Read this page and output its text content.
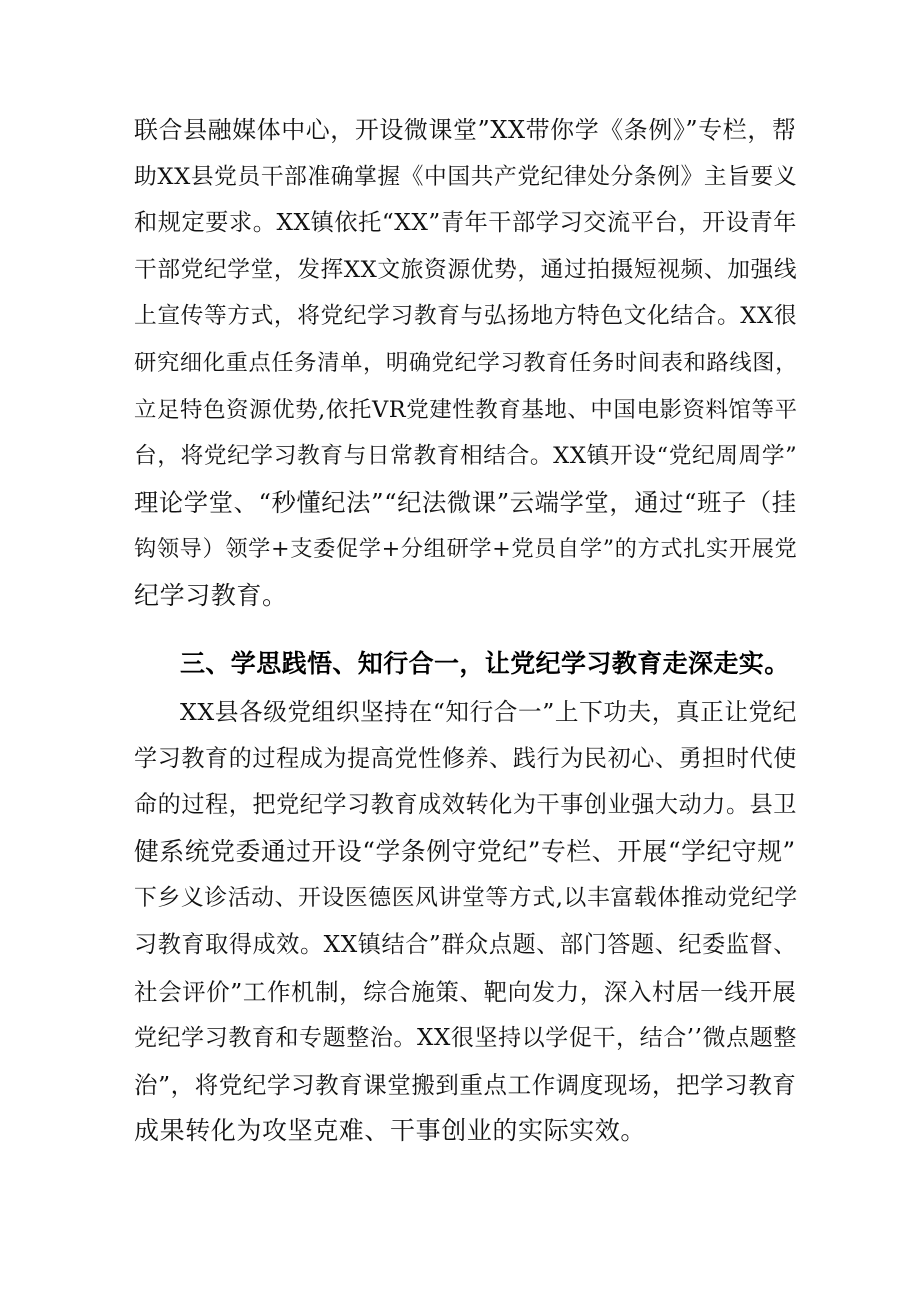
联合县融媒体中心，开设微课堂”XX带你学《条例》”专栏，帮
助XX县党员干部准确掌握《中国共产党纪律处分条例》主旨要义
和规定要求。XX镇依托“XX”青年干部学习交流平台，开设青年
干部党纪学堂，发挥XX文旅资源优势，通过拍摄短视频、加强线
上宣传等方式，将党纪学习教育与弘扬地方特色文化结合。XX很
研究细化重点任务清单，明确党纪学习教育任务时间表和路线图，
立足特色资源优势,依托VR党建性教育基地、中国电影资料馆等平
台，将党纪学习教育与日常教育相结合。XX镇开设“党纪周周学”
理论学堂、“秒懂纪法”“纪法微课”云端学堂，通过“班子（挂
钩领导）领学+支委促学+分组研学+党员自学”的方式扎实开展党
纪学习教育。
三、学思践悟、知行合一，让党纪学习教育走深走实。
XX县各级党组织坚持在“知行合一”上下功夫，真正让党纪
学习教育的过程成为提高党性修养、践行为民初心、勇担时代使
命的过程，把党纪学习教育成效转化为干事创业强大动力。县卫
健系统党委通过开设“学条例守党纪”专栏、开展“学纪守规”
下乡义诊活动、开设医德医风讲堂等方式,以丰富载体推动党纪学
习教育取得成效。XX镇结合”群众点题、部门答题、纪委监督、
社会评价”工作机制，综合施策、靶向发力，深入村居一线开展
党纪学习教育和专题整治。XX很坚持以学促干，结合’’微点题整
治”，将党纪学习教育课堂搬到重点工作调度现场，把学习教育
成果转化为攻坚克难、干事创业的实际实效。
